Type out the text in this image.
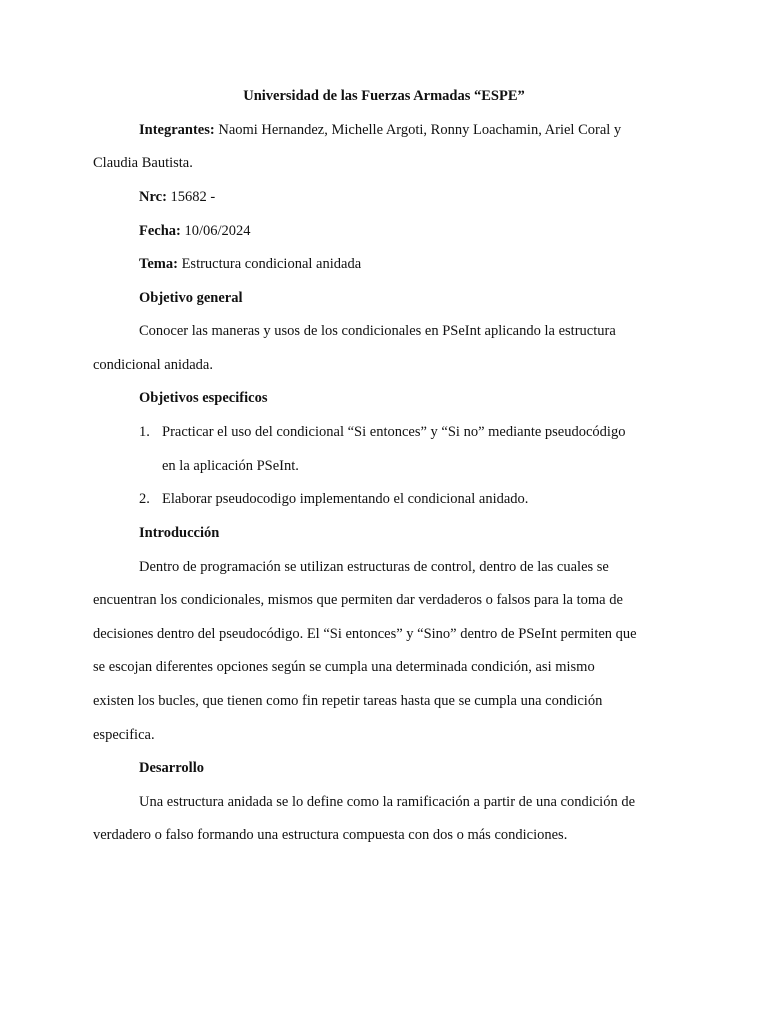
Universidad de las Fuerzas Armadas “ESPE”
Integrantes: Naomi Hernandez, Michelle Argoti, Ronny Loachamin, Ariel Coral y
Claudia Bautista.
Nrc: 15682 -
Fecha: 10/06/2024
Tema: Estructura condicional anidada
Objetivo general
Conocer las maneras y usos de los condicionales en PSeInt aplicando la estructura
condicional anidada.
Objetivos especificos
1. Practicar el uso del condicional “Si entonces” y “Si no” mediante pseudocódigo
en la aplicación PSeInt.
2. Elaborar pseudocodigo implementando el condicional anidado.
Introducción
Dentro de programación se utilizan estructuras de control, dentro de las cuales se
encuentran los condicionales, mismos que permiten dar verdaderos o falsos para la toma de
decisiones dentro del pseudocódigo. El “Si entonces” y “Sino” dentro de PSeInt permiten que
se escojan diferentes opciones según se cumpla una determinada condición, asi mismo
existen los bucles, que tienen como fin repetir tareas hasta que se cumpla una condición
especifica.
Desarrollo
Una estructura anidada se lo define como la ramificación a partir de una condición de
verdadero o falso formando una estructura compuesta con dos o más condiciones.
